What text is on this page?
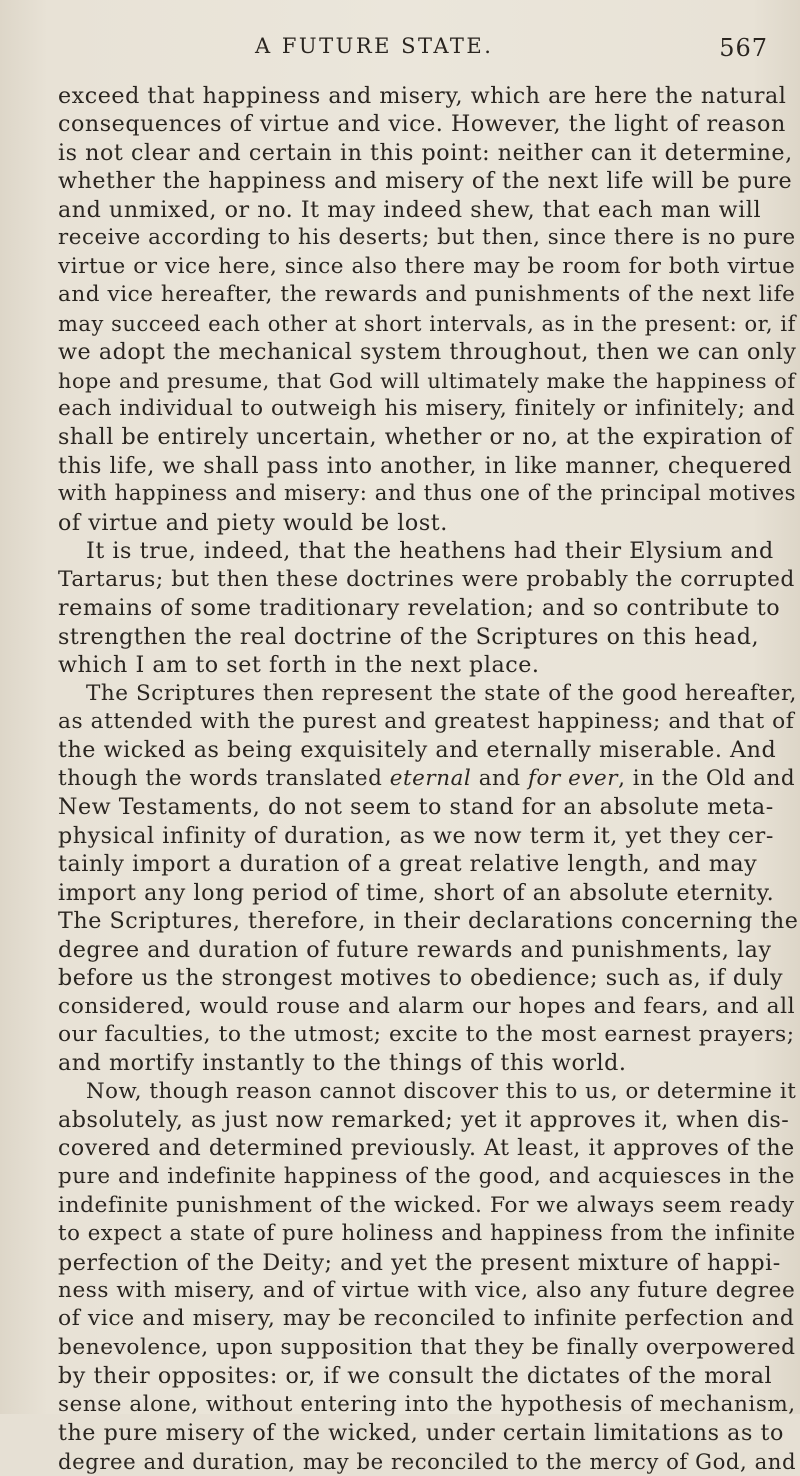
A FUTURE STATE.	567
exceed that happiness and misery, which are here the natural
consequences of virtue and vice. However, the light of reason
is not clear and certain in this point: neither can it determine,
whether the happiness and misery of the next life will be pure
and unmixed, or no. It may indeed shew, that each man will
receive according to his deserts; but then, since there is no pure
virtue or vice here, since also there may be room for both virtue
and vice hereafter, the rewards and punishments of the next life
may succeed each other at short intervals, as in the present: or, if
we adopt the mechanical system throughout, then we can only
hope and presume, that God will ultimately make the happiness of
each individual to outweigh his misery, finitely or infinitely; and
shall be entirely uncertain, whether or no, at the expiration of
this life, we shall pass into another, in like manner, chequered
with happiness and misery: and thus one of the principal motives
of virtue and piety would be lost.
It is true, indeed, that the heathens had their Elysium and
Tartarus; but then these doctrines were probably the corrupted
remains of some traditionary revelation; and so contribute to
strengthen the real doctrine of the Scriptures on this head,
which I am to set forth in the next place.
The Scriptures then represent the state of the good hereafter,
as attended with the purest and greatest happiness; and that of
the wicked as being exquisitely and eternally miserable. And
though the words translated eternal and for ever, in the Old and
New Testaments, do not seem to stand for an absolute meta-
physical infinity of duration, as we now term it, yet they cer-
tainly import a duration of a great relative length, and may
import any long period of time, short of an absolute eternity.
The Scriptures, therefore, in their declarations concerning the
degree and duration of future rewards and punishments, lay
before us the strongest motives to obedience; such as, if duly
considered, would rouse and alarm our hopes and fears, and all
our faculties, to the utmost; excite to the most earnest prayers;
and mortify instantly to the things of this world.
Now, though reason cannot discover this to us, or determine it
absolutely, as just now remarked; yet it approves it, when dis-
covered and determined previously. At least, it approves of the
pure and indefinite happiness of the good, and acquiesces in the
indefinite punishment of the wicked. For we always seem ready
to expect a state of pure holiness and happiness from the infinite
perfection of the Deity; and yet the present mixture of happi-
ness with misery, and of virtue with vice, also any future degree
of vice and misery, may be reconciled to infinite perfection and
benevolence, upon supposition that they be finally overpowered
by their opposites: or, if we consult the dictates of the moral
sense alone, without entering into the hypothesis of mechanism,
the pure misery of the wicked, under certain limitations as to
degree and duration, may be reconciled to the mercy of God, and
